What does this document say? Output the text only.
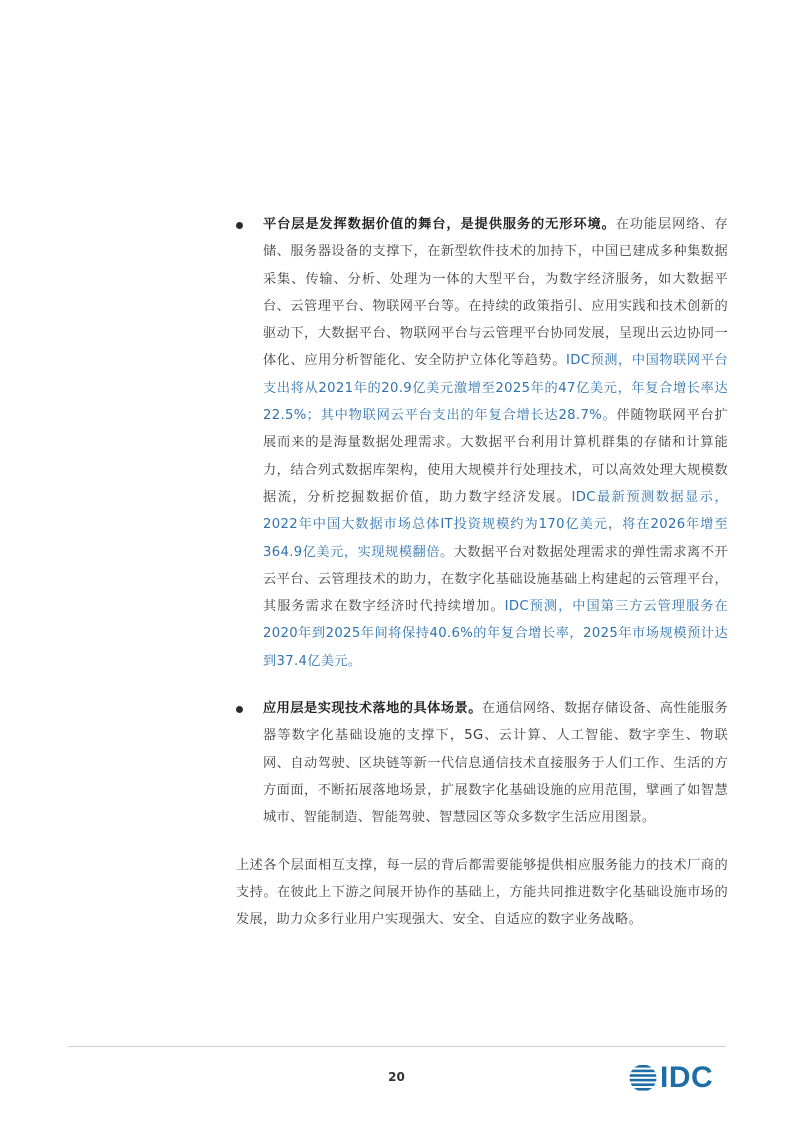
平台层是发挥数据价值的舞台，是提供服务的无形环境。在功能层网络、存储、服务器设备的支撑下，在新型软件技术的加持下，中国已建成多种集数据采集、传输、分析、处理为一体的大型平台，为数字经济服务，如大数据平台、云管理平台、物联网平台等。在持续的政策指引、应用实践和技术创新的驱动下，大数据平台、物联网平台与云管理平台协同发展，呈现出云边协同一体化、应用分析智能化、安全防护立体化等趋势。IDC预测，中国物联网平台支出将从2021年的20.9亿美元激增至2025年的47亿美元，年复合增长率达22.5%；其中物联网云平台支出的年复合增长达28.7%。伴随物联网平台扩展而来的是海量数据处理需求。大数据平台利用计算机群集的存储和计算能力，结合列式数据库架构，使用大规模并行处理技术，可以高效处理大规模数据流，分析挖掘数据价值，助力数字经济发展。IDC最新预测数据显示，2022年中国大数据市场总体IT投资规模约为170亿美元，将在2026年增至364.9亿美元，实现规模翻倍。大数据平台对数据处理需求的弹性需求离不开云平台、云管理技术的助力，在数字化基础设施基础上构建起的云管理平台，其服务需求在数字经济时代持续增加。IDC预测，中国第三方云管理服务在2020年到2025年间将保持40.6%的年复合增长率，2025年市场规模预计达到37.4亿美元。

应用层是实现技术落地的具体场景。在通信网络、数据存储设备、高性能服务器等数字化基础设施的支撑下，5G、云计算、人工智能、数字孪生、物联网、自动驾驶、区块链等新一代信息通信技术直接服务于人们工作、生活的方方面面，不断拓展落地场景，扩展数字化基础设施的应用范围，擘画了如智慧城市、智能制造、智能驾驶、智慧园区等众多数字生活应用图景。

上述各个层面相互支撑，每一层的背后都需要能够提供相应服务能力的技术厂商的支持。在彼此上下游之间展开协作的基础上，方能共同推进数字化基础设施市场的发展，助力众多行业用户实现强大、安全、自适应的数字业务战略。

20	IDC
